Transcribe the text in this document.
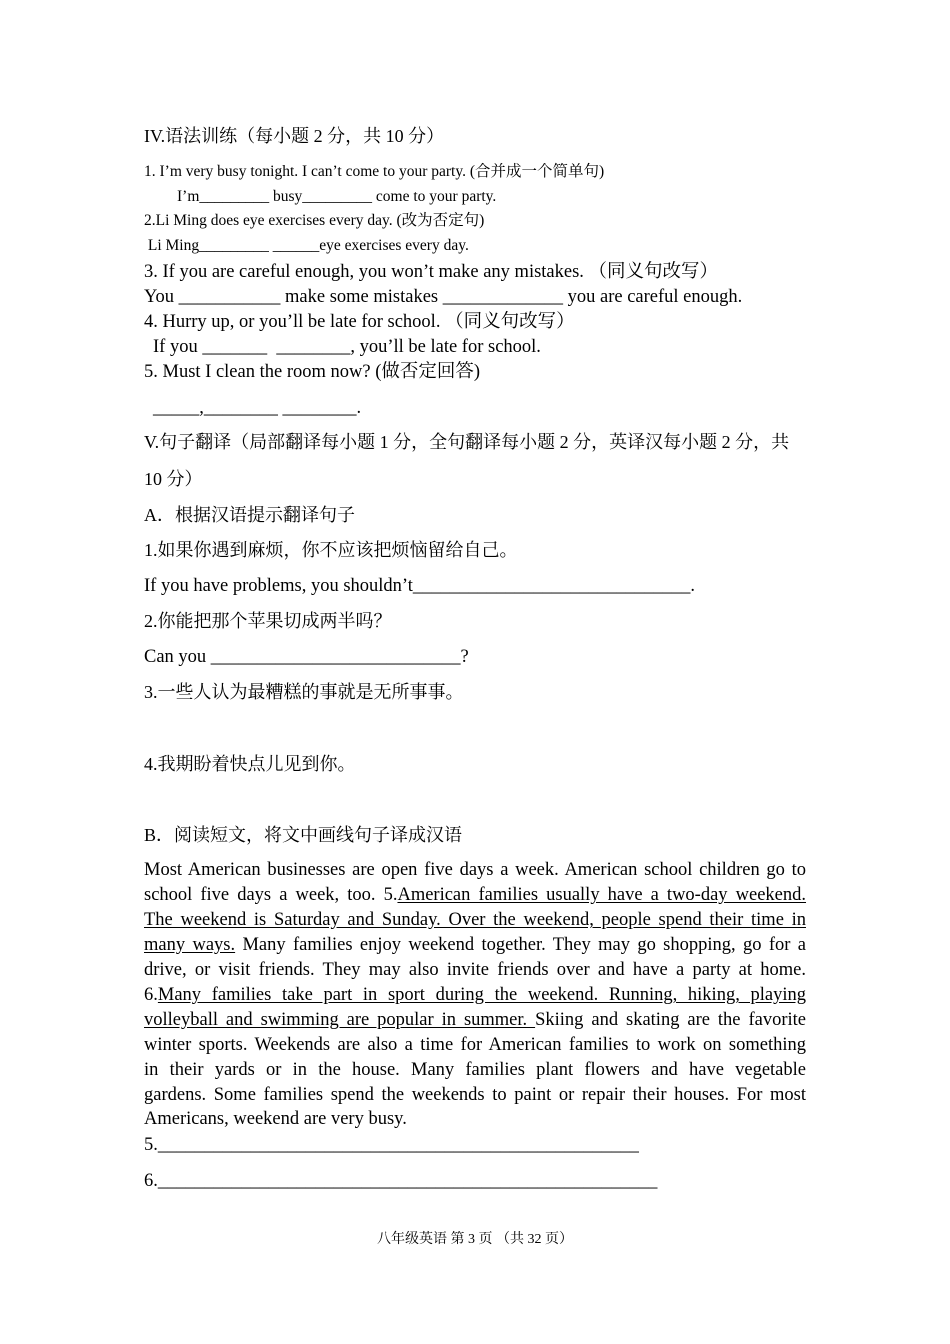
IV.语法训练（每小题 2 分，共 10 分）
1. I’m very busy tonight. I can’t come to your party. (合并成一个简单句)
I’m_________ busy_________ come to your party.
2.Li Ming does eye exercises every day. (改为否定句)
Li Ming_________ ______eye exercises every day.
3. If you are careful enough, you won’t make any mistakes. （同义句改写）
You ___________ make some mistakes _____________ you are careful enough.
4. Hurry up, or you’ll be late for school. （同义句改写）
If you _______  ________, you’ll be late for school.
5. Must I clean the room now? (做否定回答)
_____,________ ________.
V.句子翻译（局部翻译每小题 1 分，全句翻译每小题 2 分，英译汉每小题 2 分，共
10 分）
A．根据汉语提示翻译句子
1.如果你遇到麻烦，你不应该把烦恼留给自己。
If you have problems, you shouldn’t______________________________.
2.你能把那个苹果切成两半吗？
Can you ___________________________?
3.一些人认为最糟糕的事就是无所事事。
4.我期盼着快点儿见到你。
B．阅读短文，将文中画线句子译成汉语
Most American businesses are open five days a week. American school children go to
school five days a week, too. 5.American families usually have a two-day weekend.
The weekend is Saturday and Sunday. Over the weekend, people spend their time in
many ways. Many families enjoy weekend together. They may go shopping, go for a
drive, or visit friends. They may also invite friends over and have a party at home.
6.Many families take part in sport during the weekend. Running, hiking, playing
volleyball and swimming are popular in summer. Skiing and skating are the favorite
winter sports. Weekends are also a time for American families to work on something
in their yards or in the house. Many families plant flowers and have vegetable
gardens. Some families spend the weekends to paint or repair their houses. For most
Americans, weekend are very busy.
5.____________________________________________________
6.______________________________________________________
八年级英语 第 3 页 （共 32 页）
